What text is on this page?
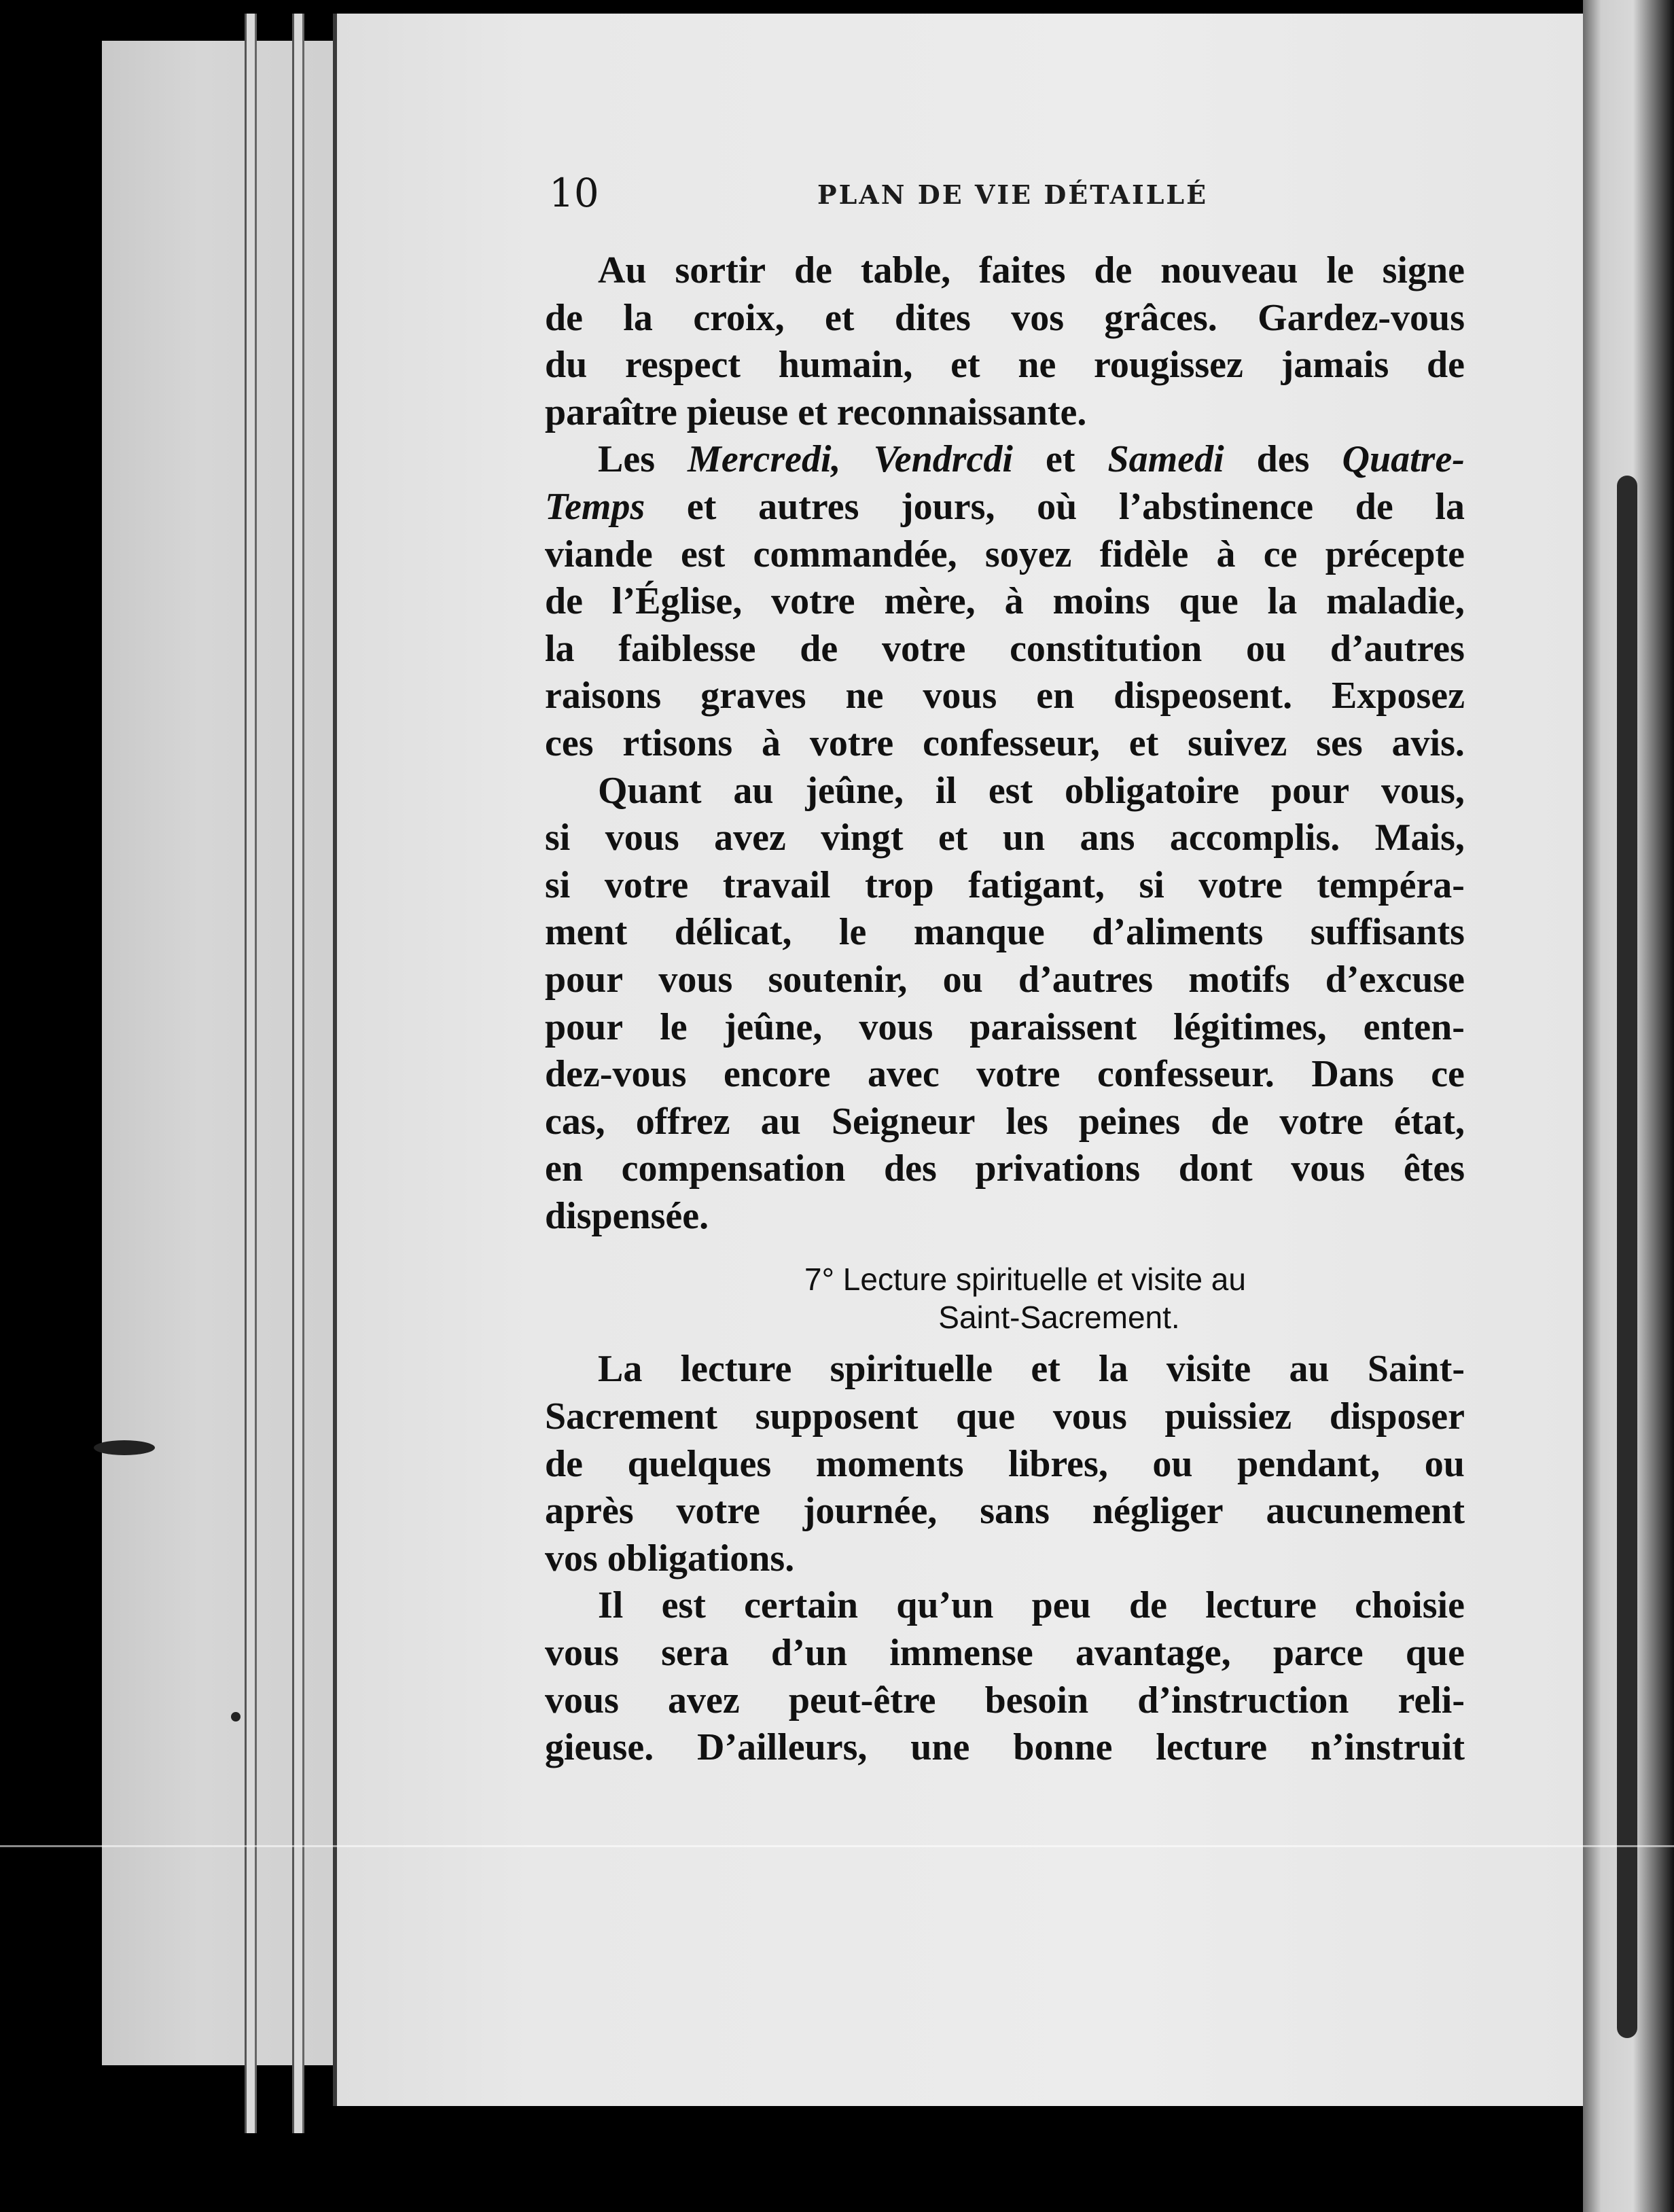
10	PLAN DE VIE DÉTAILLÉ
Au sortir de table, faites de nouveau le signe
de la croix, et dites vos grâces. Gardez-vous
du respect humain, et ne rougissez jamais de
paraître pieuse et reconnaissante.
Les Mercredi, Vendrcdi et Samedi des Quatre-
Temps et autres jours, où l’abstinence de la
viande est commandée, soyez fidèle à ce précepte
de l’Église, votre mère, à moins que la maladie,
la faiblesse de votre constitution ou d’autres
raisons graves ne vous en dispeosent. Exposez
ces rtisons à votre confesseur, et suivez ses avis.
Quant au jeûne, il est obligatoire pour vous,
si vous avez vingt et un ans accomplis. Mais,
si votre travail trop fatigant, si votre tempéra-
ment délicat, le manque d’aliments suffisants
pour vous soutenir, ou d’autres motifs d’excuse
pour le jeûne, vous paraissent légitimes, enten-
dez-vous encore avec votre confesseur. Dans ce
cas, offrez au Seigneur les peines de votre état,
en compensation des privations dont vous êtes
dispensée.
7° Lecture spirituelle et visite au
Saint-Sacrement.
La lecture spirituelle et la visite au Saint-
Sacrement supposent que vous puissiez disposer
de quelques moments libres, ou pendant, ou
après votre journée, sans négliger aucunement
vos obligations.
Il est certain qu’un peu de lecture choisie
vous sera d’un immense avantage, parce que
vous avez peut-être besoin d’instruction reli-
gieuse. D’ailleurs, une bonne lecture n’instruit
